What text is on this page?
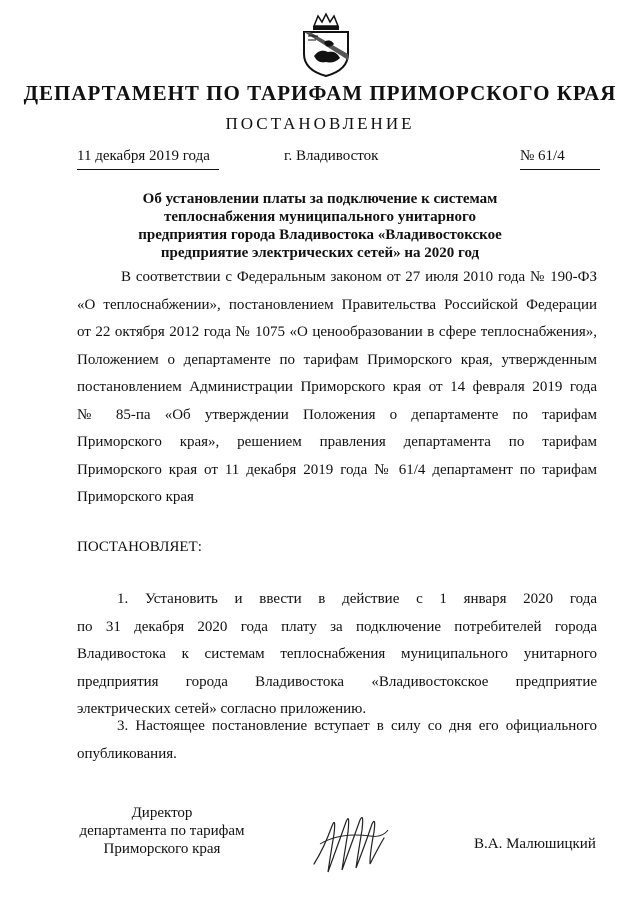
ДЕПАРТАМЕНТ ПО ТАРИФАМ ПРИМОРСКОГО КРАЯ
ПОСТАНОВЛЕНИЕ
11 декабря 2019 года	г. Владивосток	№ 61/4
Об установлении платы за подключение к системам
теплоснабжения муниципального унитарного
предприятия города Владивостока «Владивостокское
предприятие электрических сетей» на 2020 год
В соответствии с Федеральным законом от 27 июля 2010 года № 190-ФЗ
«О теплоснабжении», постановлением Правительства Российской Федерации
от 22 октября 2012 года № 1075 «О ценообразовании в сфере теплоснабжения»,
Положением о департаменте по тарифам Приморского края, утвержденным
постановлением Администрации Приморского края от 14 февраля 2019 года
№ 85-па «Об утверждении Положения о департаменте по тарифам
Приморского края», решением правления департамента по тарифам
Приморского края от 11 декабря 2019 года № 61/4 департамент по тарифам
Приморского края
ПОСТАНОВЛЯЕТ:
1. Установить и ввести в действие с 1 января 2020 года
по 31 декабря 2020 года плату за подключение потребителей города
Владивостока к системам теплоснабжения муниципального унитарного
предприятия города Владивостока «Владивостокское предприятие
электрических сетей» согласно приложению.
3. Настоящее постановление вступает в силу со дня его официального
опубликования.
Директор
департамента по тарифам
Приморского края	В.А. Малюшицкий
